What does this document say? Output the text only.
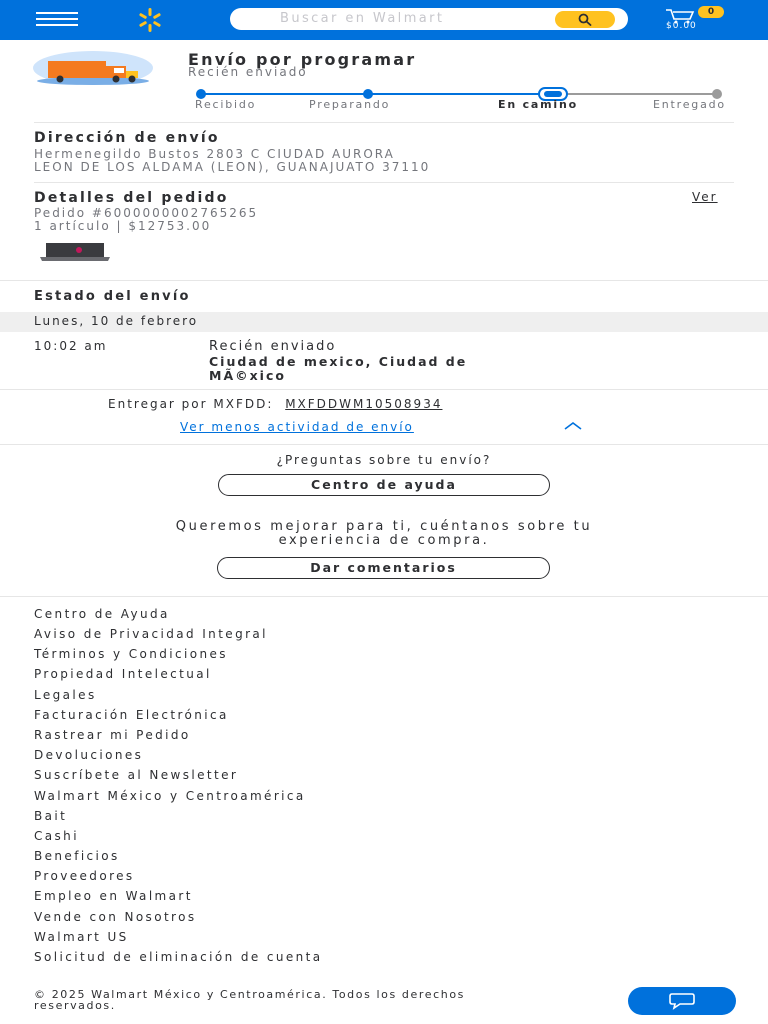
Buscar en Walmart	0
$0.00
Envío por programar
Recién enviado
Recibido	Preparando	En camino	Entregado
Dirección de envío
Hermenegildo Bustos 2803 C CIUDAD AURORA
LEON DE LOS ALDAMA (LEON), GUANAJUATO 37110
Detalles del pedido	Ver
Pedido #6000000002765265
1 artículo | $12753.00
Estado del envío
Lunes, 10 de febrero
10:02 am	Recién enviado
Ciudad de mexico, Ciudad de
MÃ©xico
Entregar por MXFDD: MXFDDWM10508934
Ver menos actividad de envío
¿Preguntas sobre tu envío?
Centro de ayuda
Queremos mejorar para ti, cuéntanos sobre tu
experiencia de compra.
Dar comentarios
Centro de Ayuda
Aviso de Privacidad Integral
Términos y Condiciones
Propiedad Intelectual
Legales
Facturación Electrónica
Rastrear mi Pedido
Devoluciones
Suscríbete al Newsletter
Walmart México y Centroamérica
Bait
Cashi
Beneficios
Proveedores
Empleo en Walmart
Vende con Nosotros
Walmart US
Solicitud de eliminación de cuenta
© 2025 Walmart México y Centroamérica. Todos los derechos
reservados.
